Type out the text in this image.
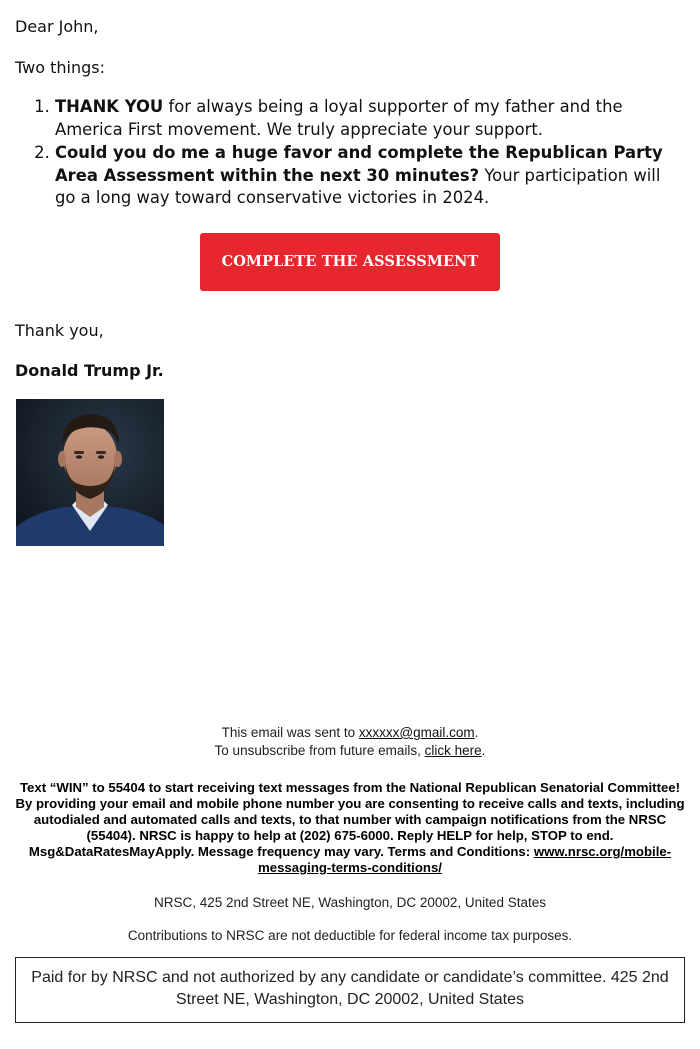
Dear John,
Two things:
1. THANK YOU for always being a loyal supporter of my father and the America First movement. We truly appreciate your support.
2. Could you do me a huge favor and complete the Republican Party Area Assessment within the next 30 minutes? Your participation will go a long way toward conservative victories in 2024.
COMPLETE THE ASSESSMENT
Thank you,
Donald Trump Jr.
This email was sent to xxxxxx@gmail.com.
To unsubscribe from future emails, click here.
Text “WIN” to 55404 to start receiving text messages from the National Republican Senatorial Committee! By providing your email and mobile phone number you are consenting to receive calls and texts, including autodialed and automated calls and texts, to that number with campaign notifications from the NRSC (55404). NRSC is happy to help at (202) 675-6000. Reply HELP for help, STOP to end. Msg&DataRatesMayApply. Message frequency may vary. Terms and Conditions: www.nrsc.org/mobile-messaging-terms-conditions/
NRSC, 425 2nd Street NE, Washington, DC 20002, United States
Contributions to NRSC are not deductible for federal income tax purposes.
Paid for by NRSC and not authorized by any candidate or candidate’s committee. 425 2nd Street NE, Washington, DC 20002, United States
